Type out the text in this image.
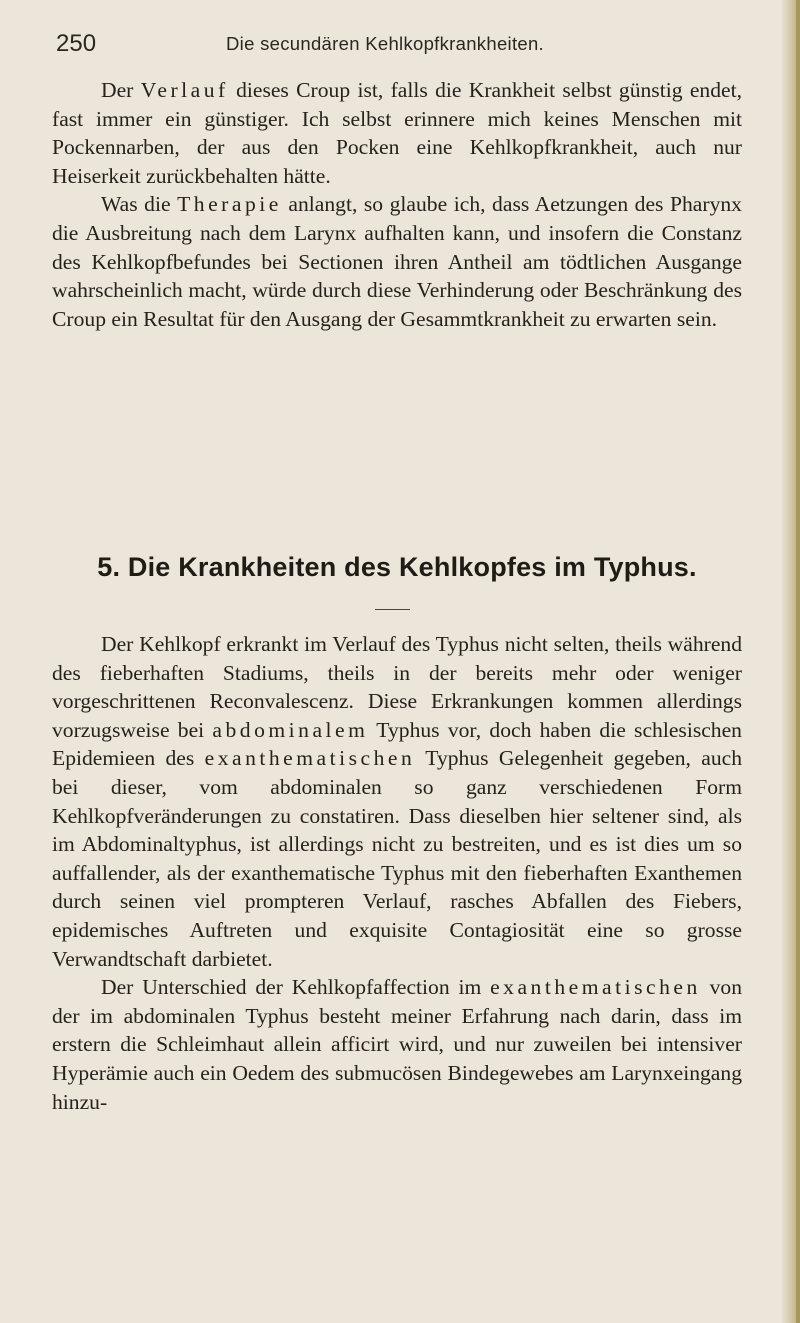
250	Die secundären Kehlkopfkrankheiten.

Der Verlauf dieses Croup ist, falls die Krankheit selbst günstig endet, fast immer ein günstiger. Ich selbst erinnere mich keines Menschen mit Pockennarben, der aus den Pocken eine Kehlkopfkrankheit, auch nur Heiserkeit zurückbehalten hätte.

Was die Therapie anlangt, so glaube ich, dass Aetzungen des Pharynx die Ausbreitung nach dem Larynx aufhalten kann, und insofern die Constanz des Kehlkopfbefundes bei Sectionen ihren Antheil am tödtlichen Ausgange wahrscheinlich macht, würde durch diese Verhinderung oder Beschränkung des Croup ein Resultat für den Ausgang der Gesammtkrankheit zu erwarten sein.

5. Die Krankheiten des Kehlkopfes im Typhus.

Der Kehlkopf erkrankt im Verlauf des Typhus nicht selten, theils während des fieberhaften Stadiums, theils in der bereits mehr oder weniger vorgeschrittenen Reconvalescenz. Diese Erkrankungen kommen allerdings vorzugsweise bei abdominalem Typhus vor, doch haben die schlesischen Epidemieen des exanthematischen Typhus Gelegenheit gegeben, auch bei dieser, vom abdominalen so ganz verschiedenen Form Kehlkopfveränderungen zu constatiren. Dass dieselben hier seltener sind, als im Abdominaltyphus, ist allerdings nicht zu bestreiten, und es ist dies um so auffallender, als der exanthematische Typhus mit den fieberhaften Exanthemen durch seinen viel prompteren Verlauf, rasches Abfallen des Fiebers, epidemisches Auftreten und exquisite Contagiosität eine so grosse Verwandtschaft darbietet.

Der Unterschied der Kehlkopfaffection im exanthematischen von der im abdominalen Typhus besteht meiner Erfahrung nach darin, dass im erstern die Schleimhaut allein afficirt wird, und nur zuweilen bei intensiver Hyperämie auch ein Oedem des submucösen Bindegewebes am Larynxeingang hinzu-
